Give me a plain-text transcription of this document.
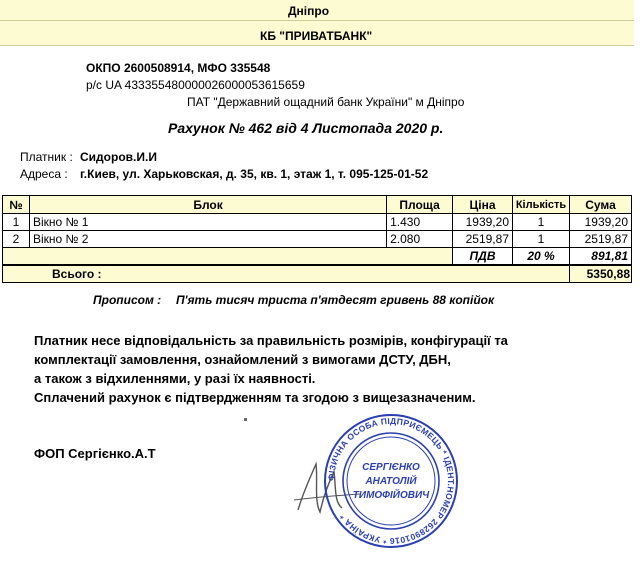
Дніпро
КБ "ПРИВАТБАНК"
ОКПО 2600508914, МФО 335548
р/с UA 433355480000026000053615659
ПАТ "Державний ощадний банк України" м Дніпро
Рахунок № 462 від 4 Листопада 2020 р.
Платник : Сидоров.И.И
Адреса : г.Киев, ул. Харьковская, д. 35, кв. 1, этаж 1, т. 095-125-01-52
№	Блок	Площа	Ціна	Кількість	Сума
1	Вікно № 1	1.430	1939,20	1	1939,20
2	Вікно № 2	2.080	2519,87	1	2519,87
			ПДВ	20 %	891,81
Всього :	5350,88
Прописом : П'ять тисяч триста п'ятдесят гривень 88 копійок
Платник несе відповідальність за правильність розмірів, конфігурації та
комплектації замовлення, ознайомлений з вимогами ДСТУ, ДБН,
а також з відхиленнями, у разі їх наявності.
Сплачений рахунок є підтвердженням та згодою з вищезазначеним.
ФОП Сергієнко.А.Т
ФІЗИЧНА ОСОБА ПІДПРИЄМЕЦЬ * ІДЕНТ.НОМЕР 2628901016 * УКРАЇНА *
СЕРГІЄНКО
АНАТОЛІЙ
ТИМОФІЙОВИЧ
